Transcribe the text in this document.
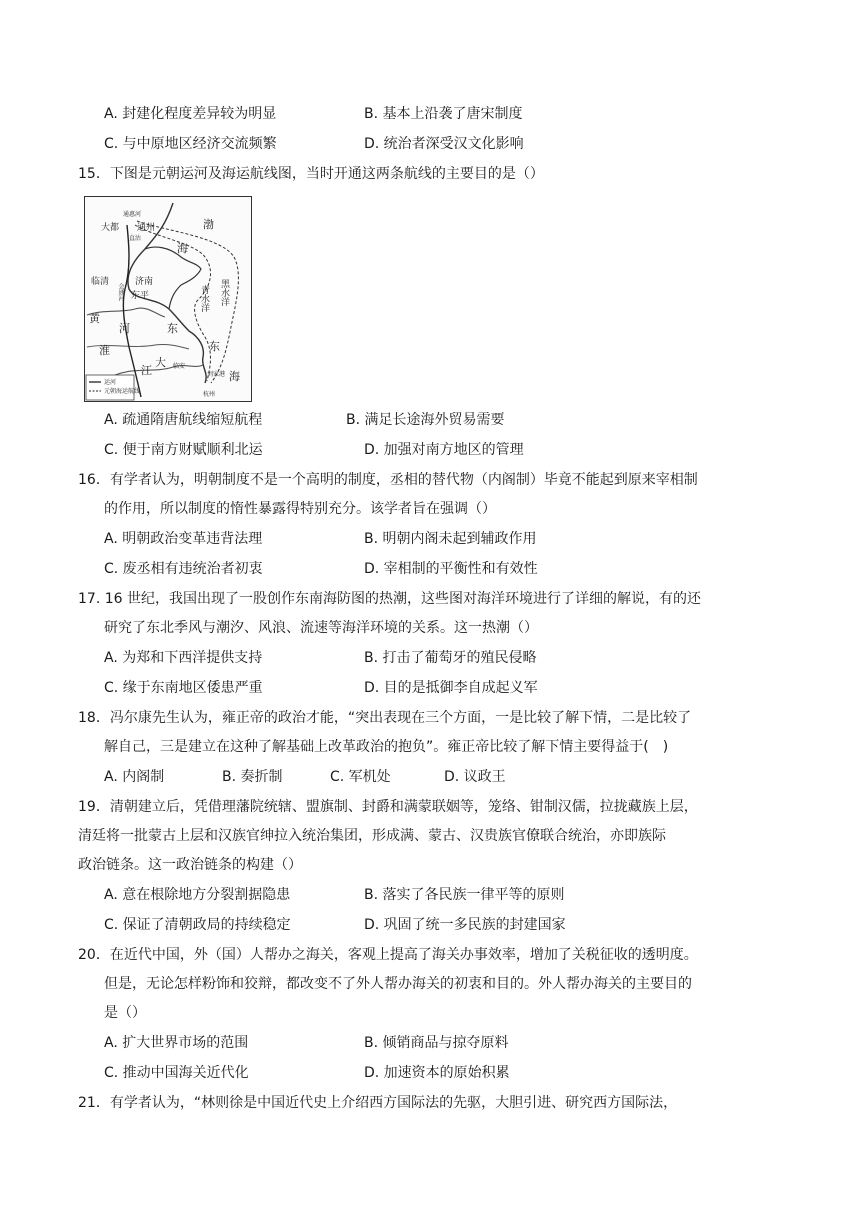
A. 封建化程度差异较为明显	B. 基本上沿袭了唐宋制度
C. 与中原地区经济交流频繁	D. 统治者深受汉文化影响
15．下图是元朝运河及海运航线图，当时开通这两条航线的主要目的是（）
通惠河
大都 通州
直沽
渤
海
济南
临清
东平
会通河
黄
河
青水洋 黑水洋
东
东
淮
大
江	海
刘家港
临安
杭州
运河
元朝海运航线
A. 疏通隋唐航线缩短航程	B. 满足长途海外贸易需要
C. 便于南方财赋顺利北运	D. 加强对南方地区的管理
16．有学者认为，明朝制度不是一个高明的制度，丞相的替代物（内阁制）毕竟不能起到原来宰相制
的作用，所以制度的惰性暴露得特别充分。该学者旨在强调（）
A. 明朝政治变革违背法理	B. 明朝内阁未起到辅政作用
C. 废丞相有违统治者初衷	D. 宰相制的平衡性和有效性
17. 16 世纪，我国出现了一股创作东南海防图的热潮，这些图对海洋环境进行了详细的解说，有的还
研究了东北季风与潮汐、风浪、流速等海洋环境的关系。这一热潮（）
A. 为郑和下西洋提供支持	B. 打击了葡萄牙的殖民侵略
C. 缘于东南地区倭患严重	D. 目的是抵御李自成起义军
18．冯尔康先生认为，雍正帝的政治才能，“突出表现在三个方面，一是比较了解下情，二是比较了
解自己，三是建立在这种了解基础上改革政治的抱负”。雍正帝比较了解下情主要得益于(　)
A. 内阁制	B. 奏折制	C. 军机处	D. 议政王
19．清朝建立后，凭借理藩院统辖、盟旗制、封爵和满蒙联姻等，笼络、钳制汉儒，拉拢藏族上层，
清廷将一批蒙古上层和汉族官绅拉入统治集团，形成满、蒙古、汉贵族官僚联合统治，亦即族际
政治链条。这一政治链条的构建（）
A. 意在根除地方分裂割据隐患	B. 落实了各民族一律平等的原则
C. 保证了清朝政局的持续稳定	D. 巩固了统一多民族的封建国家
20．在近代中国，外（国）人帮办之海关，客观上提高了海关办事效率，增加了关税征收的透明度。
但是，无论怎样粉饰和狡辩，都改变不了外人帮办海关的初衷和目的。外人帮办海关的主要目的
是（）
A. 扩大世界市场的范围	B. 倾销商品与掠夺原料
C. 推动中国海关近代化	D. 加速资本的原始积累
21．有学者认为，“林则徐是中国近代史上介绍西方国际法的先驱，大胆引进、研究西方国际法，
